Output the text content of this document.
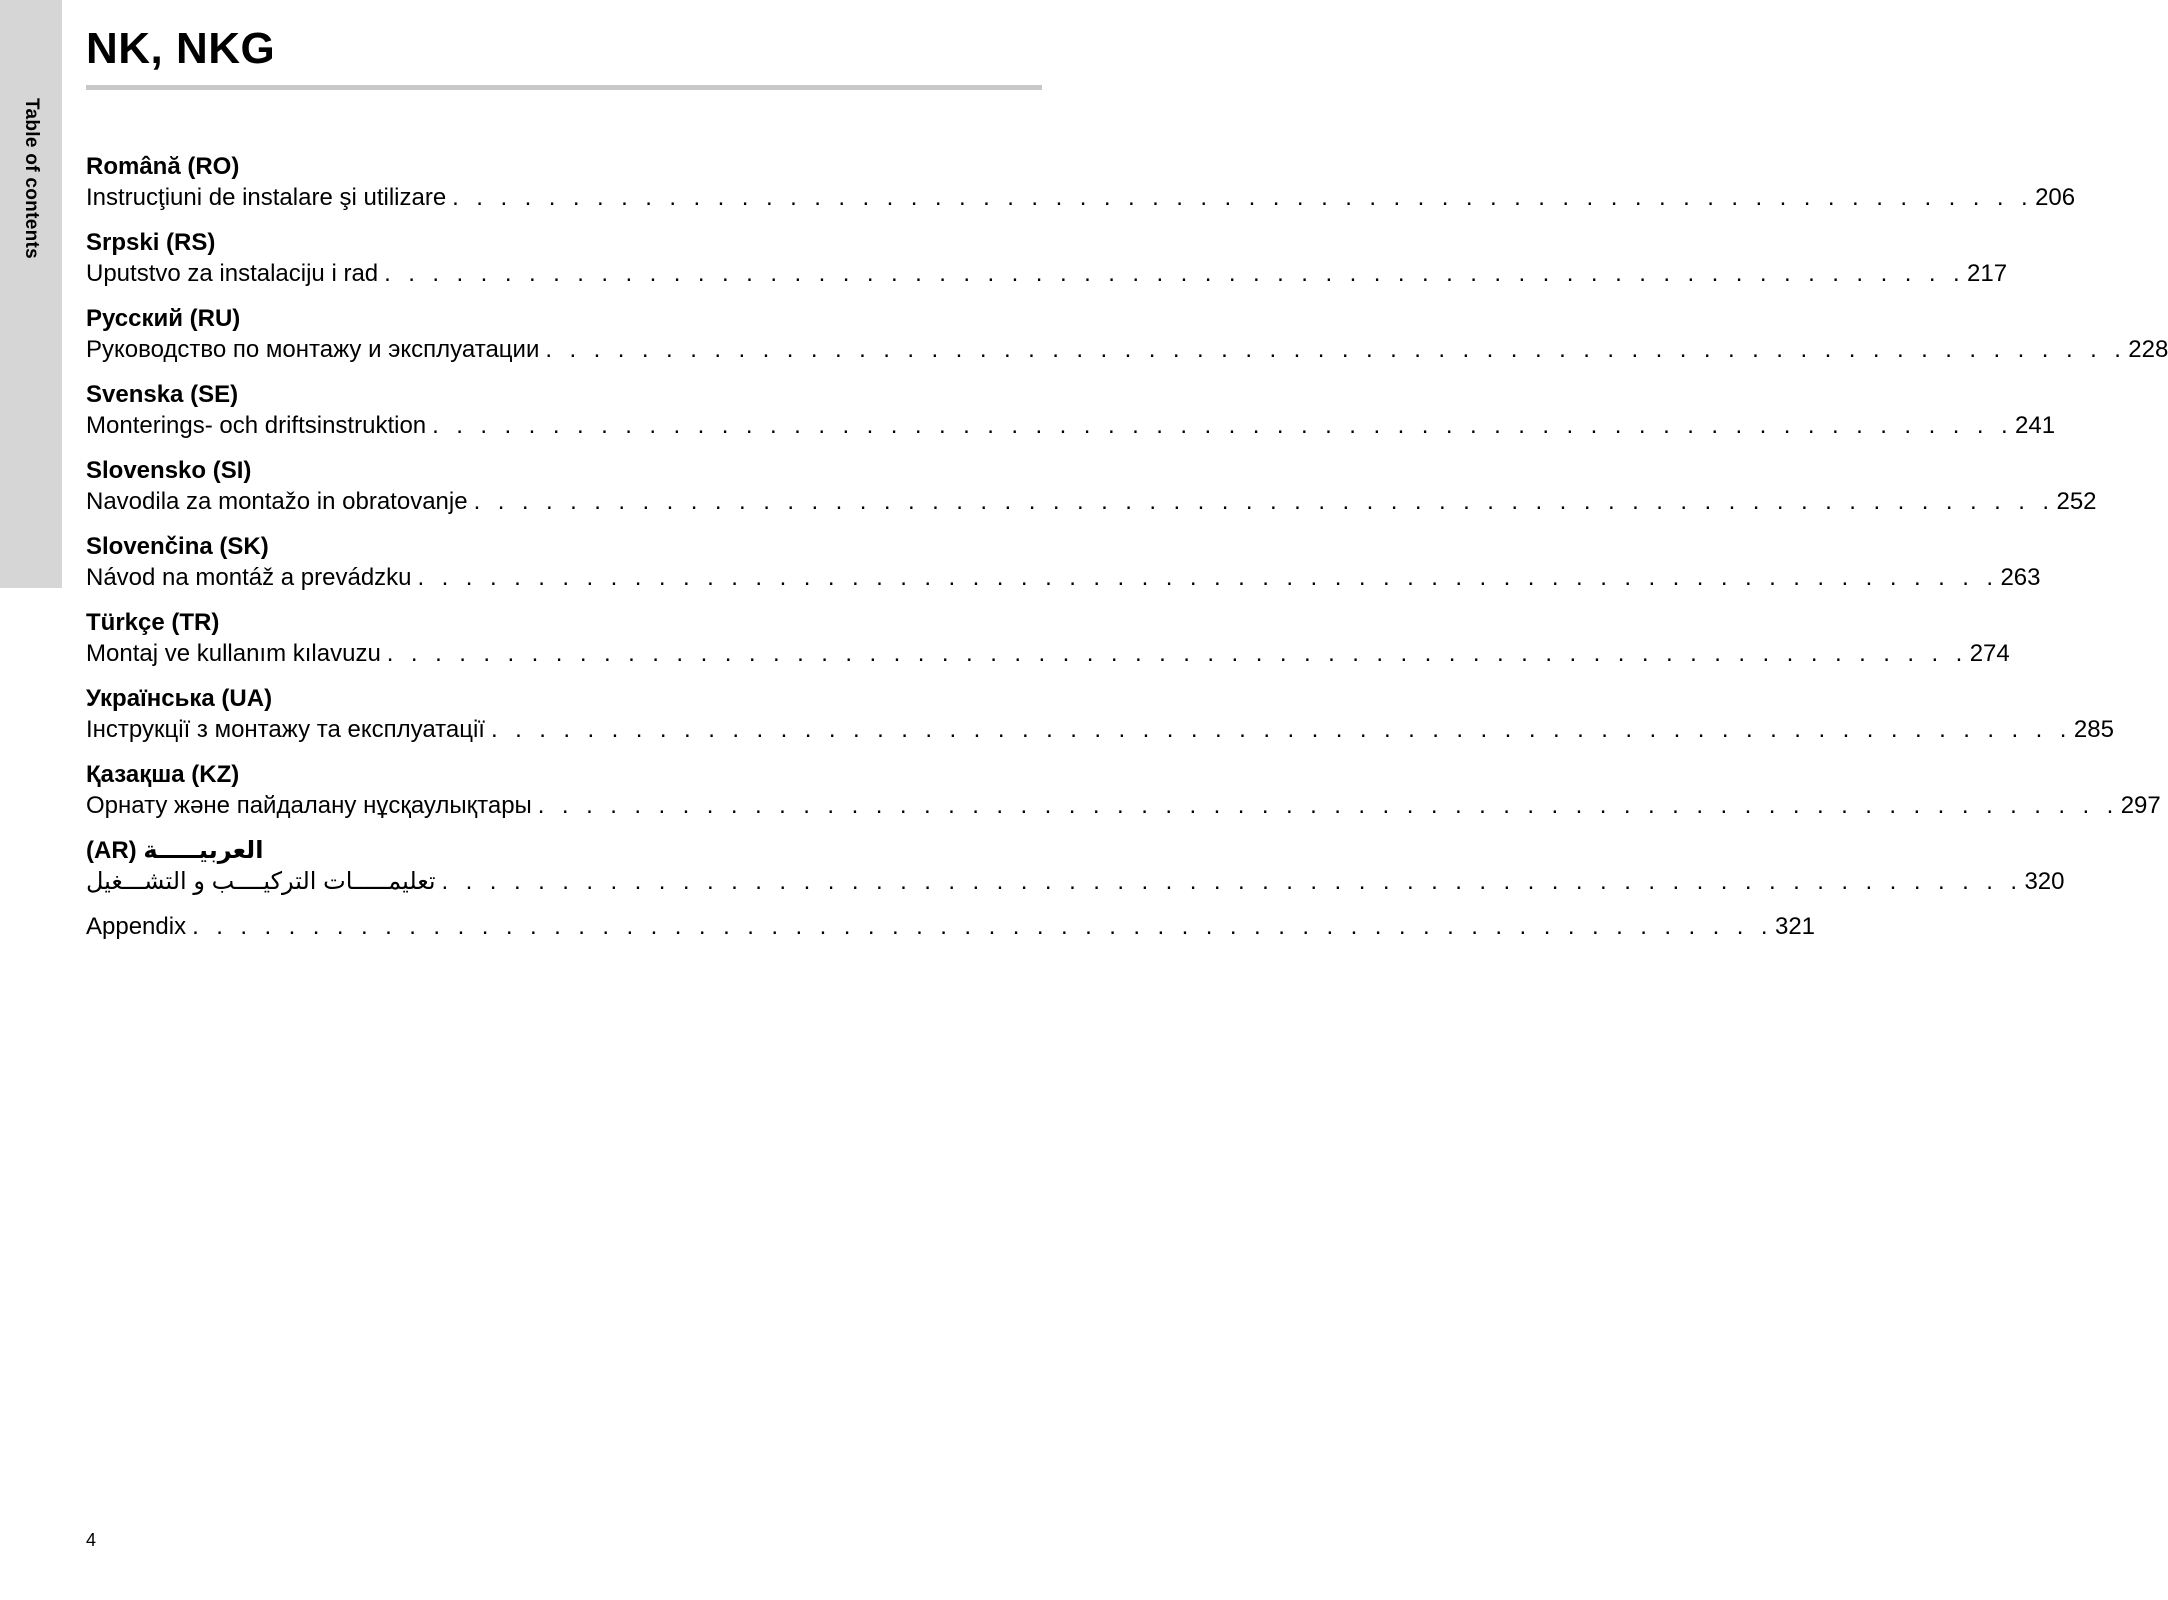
Table of contents
NK, NKG
Română (RO)
Instrucţiuni de instalare şi utilizare . . . . . . . . . . . . . . . . . . . . . . . . . . . . . . . . . . . . . . . . . . . . . . . . . . . . . . . . . . . . . . . . . . 206
Srpski (RS)
Uputstvo za instalaciju i rad . . . . . . . . . . . . . . . . . . . . . . . . . . . . . . . . . . . . . . . . . . . . . . . . . . . . . . . . . . . . . . . . . . 217
Русский (RU)
Руководство по монтажу и эксплуатации . . . . . . . . . . . . . . . . . . . . . . . . . . . . . . . . . . . . . . . . . . . . . . . . . . . . . . . . . . . . . . . . . . 228
Svenska (SE)
Monterings- och driftsinstruktion . . . . . . . . . . . . . . . . . . . . . . . . . . . . . . . . . . . . . . . . . . . . . . . . . . . . . . . . . . . . . . . . . . 241
Slovensko (SI)
Navodila za montažo in obratovanje . . . . . . . . . . . . . . . . . . . . . . . . . . . . . . . . . . . . . . . . . . . . . . . . . . . . . . . . . . . . . . . . . . 252
Slovenčina (SK)
Návod na montáž a prevádzku . . . . . . . . . . . . . . . . . . . . . . . . . . . . . . . . . . . . . . . . . . . . . . . . . . . . . . . . . . . . . . . . . . 263
Türkçe (TR)
Montaj ve kullanım kılavuzu . . . . . . . . . . . . . . . . . . . . . . . . . . . . . . . . . . . . . . . . . . . . . . . . . . . . . . . . . . . . . . . . . . 274
Українська (UA)
Інструкції з монтажу та експлуатації . . . . . . . . . . . . . . . . . . . . . . . . . . . . . . . . . . . . . . . . . . . . . . . . . . . . . . . . . . . . . . . . . . 285
Қазақша (KZ)
Орнату және пайдалану нұсқаулықтары . . . . . . . . . . . . . . . . . . . . . . . . . . . . . . . . . . . . . . . . . . . . . . . . . . . . . . . . . . . . . . . . . . 297
(AR) العربيـــــة
تعليمـــــات التركيــــب و التشـــغيل . . . . . . . . . . . . . . . . . . . . . . . . . . . . . . . . . . . . . . . . . . . . . . . . . . . . . . . . . . . . . . . . . . 320
Appendix . . . . . . . . . . . . . . . . . . . . . . . . . . . . . . . . . . . . . . . . . . . . . . . . . . . . . . . . . . . . . . . . . . 321
4
